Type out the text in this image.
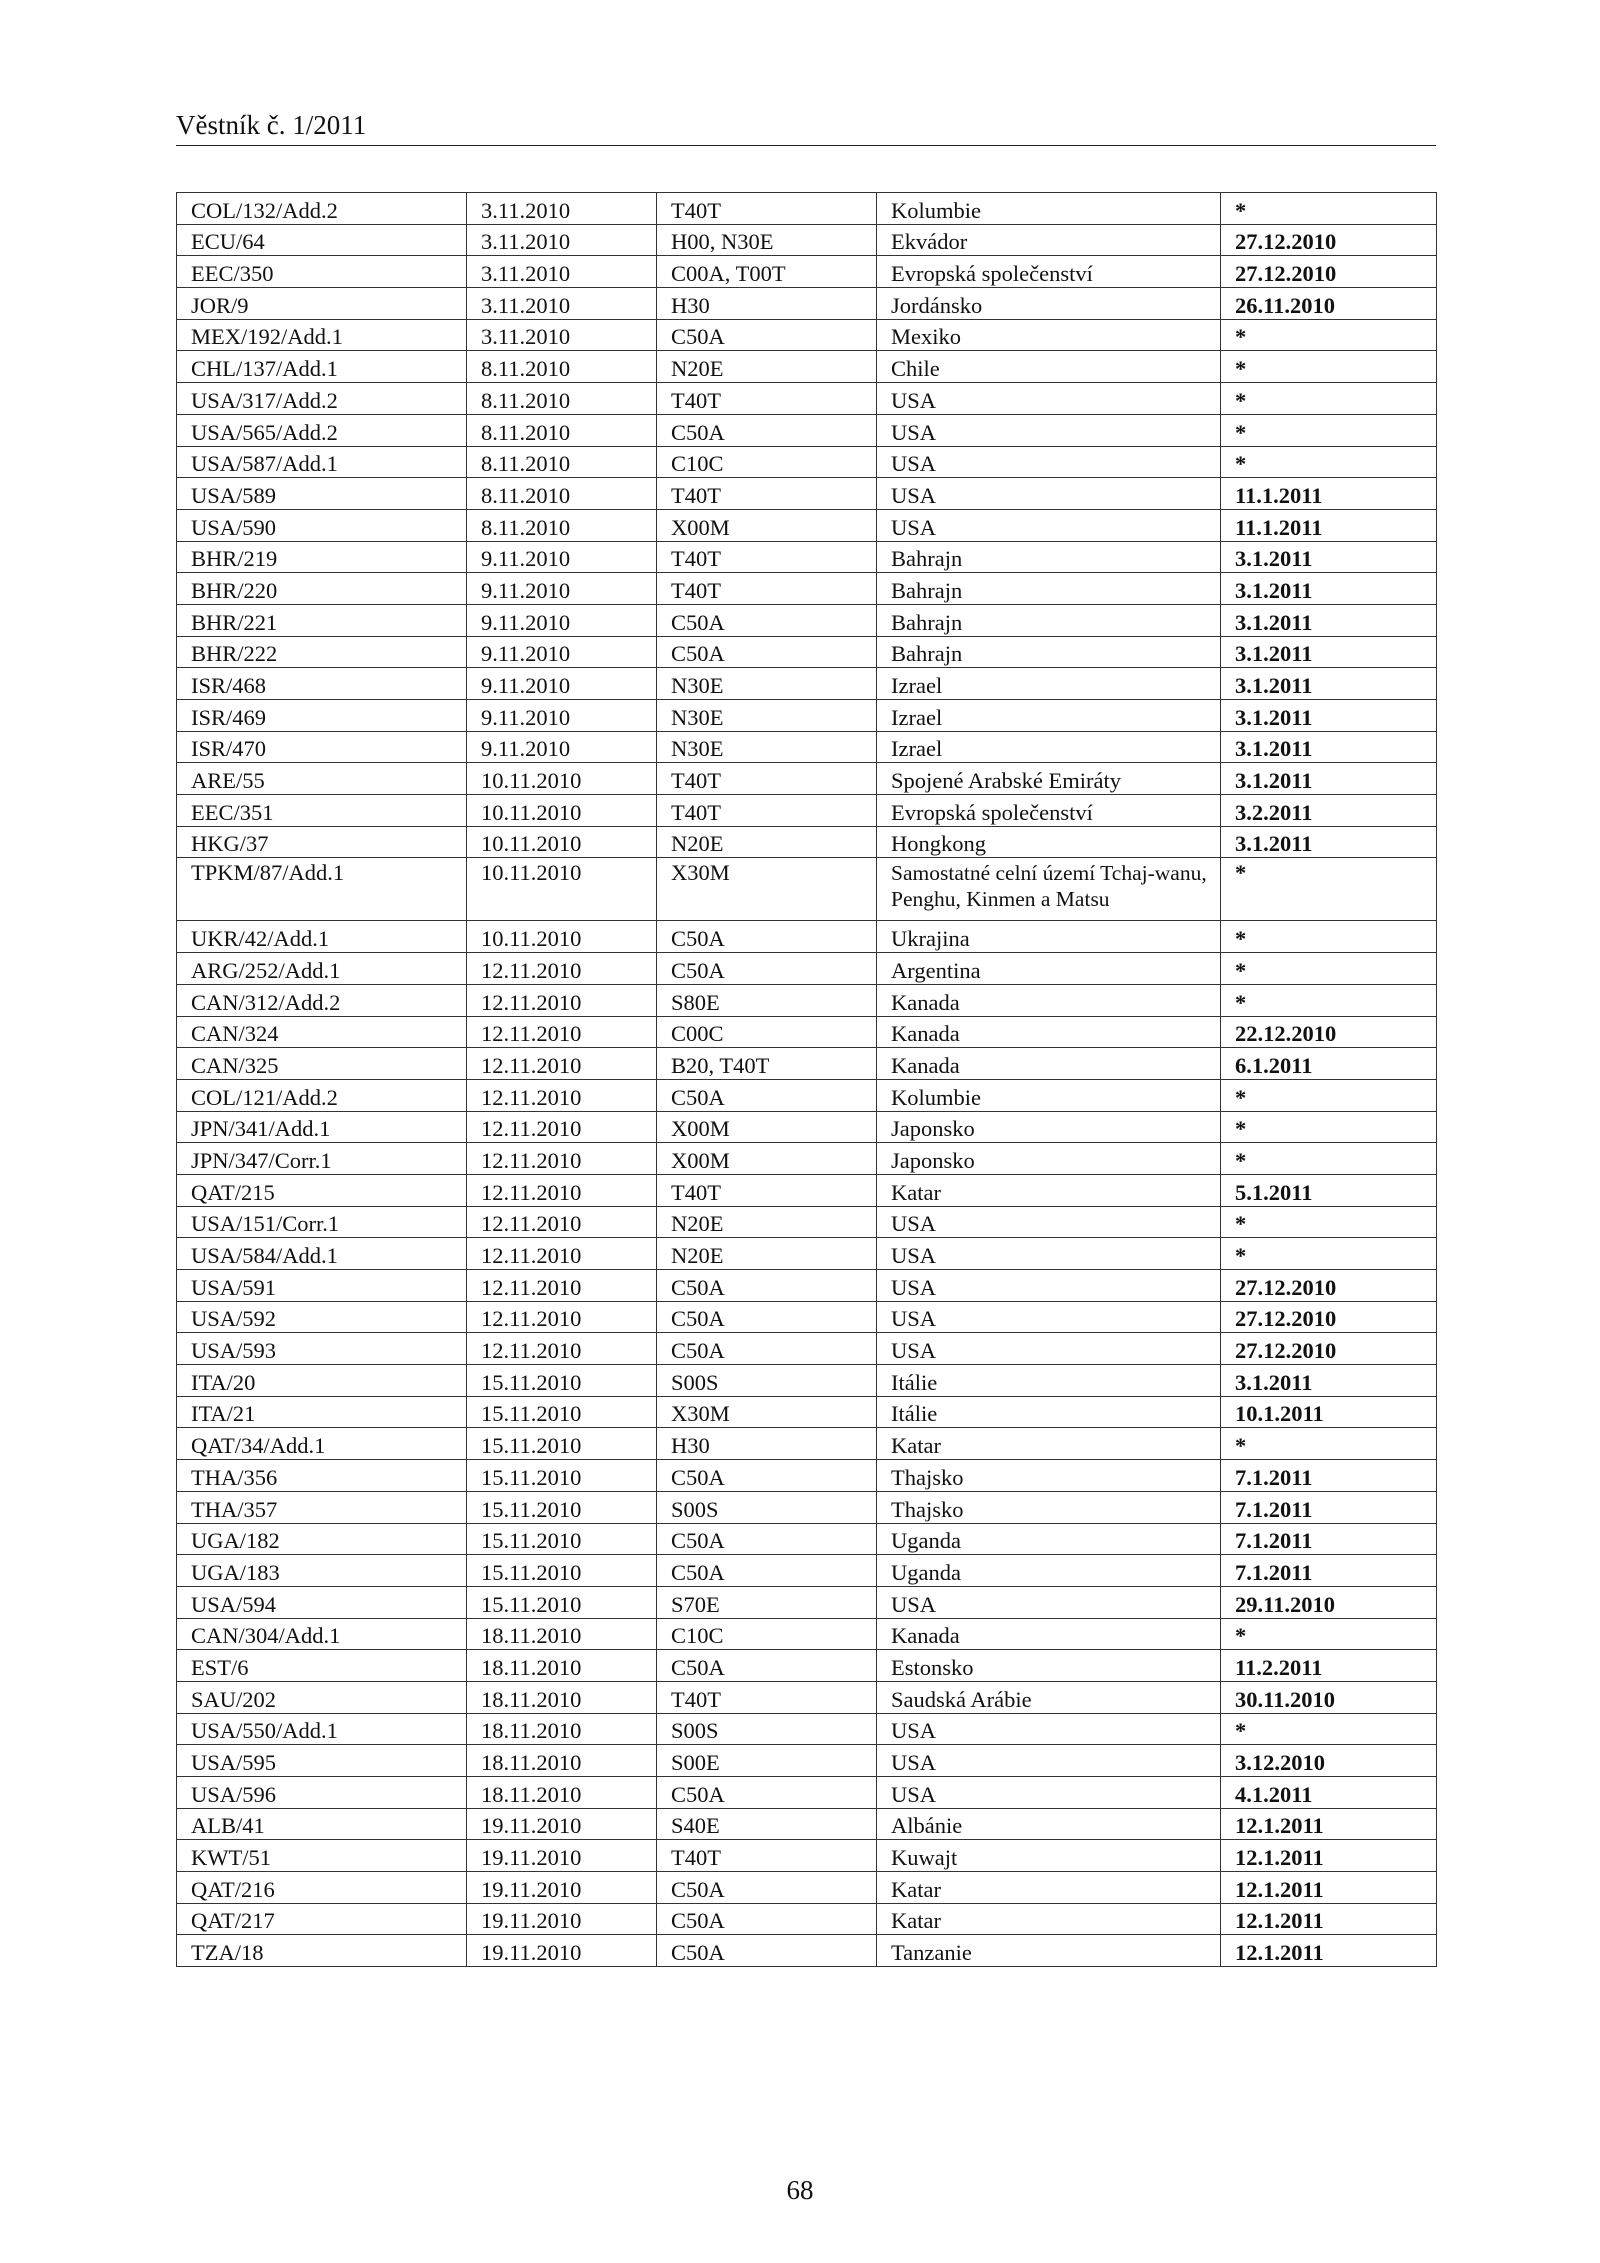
Věstník č. 1/2011
COL/132/Add.2	3.11.2010	T40T	Kolumbie	*
ECU/64	3.11.2010	H00, N30E	Ekvádor	27.12.2010
EEC/350	3.11.2010	C00A, T00T	Evropská společenství	27.12.2010
JOR/9	3.11.2010	H30	Jordánsko	26.11.2010
MEX/192/Add.1	3.11.2010	C50A	Mexiko	*
CHL/137/Add.1	8.11.2010	N20E	Chile	*
USA/317/Add.2	8.11.2010	T40T	USA	*
USA/565/Add.2	8.11.2010	C50A	USA	*
USA/587/Add.1	8.11.2010	C10C	USA	*
USA/589	8.11.2010	T40T	USA	11.1.2011
USA/590	8.11.2010	X00M	USA	11.1.2011
BHR/219	9.11.2010	T40T	Bahrajn	3.1.2011
BHR/220	9.11.2010	T40T	Bahrajn	3.1.2011
BHR/221	9.11.2010	C50A	Bahrajn	3.1.2011
BHR/222	9.11.2010	C50A	Bahrajn	3.1.2011
ISR/468	9.11.2010	N30E	Izrael	3.1.2011
ISR/469	9.11.2010	N30E	Izrael	3.1.2011
ISR/470	9.11.2010	N30E	Izrael	3.1.2011
ARE/55	10.11.2010	T40T	Spojené Arabské Emiráty	3.1.2011
EEC/351	10.11.2010	T40T	Evropská společenství	3.2.2011
HKG/37	10.11.2010	N20E	Hongkong	3.1.2011
TPKM/87/Add.1	10.11.2010	X30M	Samostatné celní území Tchaj-wanu, Penghu, Kinmen a Matsu	*
UKR/42/Add.1	10.11.2010	C50A	Ukrajina	*
ARG/252/Add.1	12.11.2010	C50A	Argentina	*
CAN/312/Add.2	12.11.2010	S80E	Kanada	*
CAN/324	12.11.2010	C00C	Kanada	22.12.2010
CAN/325	12.11.2010	B20, T40T	Kanada	6.1.2011
COL/121/Add.2	12.11.2010	C50A	Kolumbie	*
JPN/341/Add.1	12.11.2010	X00M	Japonsko	*
JPN/347/Corr.1	12.11.2010	X00M	Japonsko	*
QAT/215	12.11.2010	T40T	Katar	5.1.2011
USA/151/Corr.1	12.11.2010	N20E	USA	*
USA/584/Add.1	12.11.2010	N20E	USA	*
USA/591	12.11.2010	C50A	USA	27.12.2010
USA/592	12.11.2010	C50A	USA	27.12.2010
USA/593	12.11.2010	C50A	USA	27.12.2010
ITA/20	15.11.2010	S00S	Itálie	3.1.2011
ITA/21	15.11.2010	X30M	Itálie	10.1.2011
QAT/34/Add.1	15.11.2010	H30	Katar	*
THA/356	15.11.2010	C50A	Thajsko	7.1.2011
THA/357	15.11.2010	S00S	Thajsko	7.1.2011
UGA/182	15.11.2010	C50A	Uganda	7.1.2011
UGA/183	15.11.2010	C50A	Uganda	7.1.2011
USA/594	15.11.2010	S70E	USA	29.11.2010
CAN/304/Add.1	18.11.2010	C10C	Kanada	*
EST/6	18.11.2010	C50A	Estonsko	11.2.2011
SAU/202	18.11.2010	T40T	Saudská Arábie	30.11.2010
USA/550/Add.1	18.11.2010	S00S	USA	*
USA/595	18.11.2010	S00E	USA	3.12.2010
USA/596	18.11.2010	C50A	USA	4.1.2011
ALB/41	19.11.2010	S40E	Albánie	12.1.2011
KWT/51	19.11.2010	T40T	Kuwajt	12.1.2011
QAT/216	19.11.2010	C50A	Katar	12.1.2011
QAT/217	19.11.2010	C50A	Katar	12.1.2011
TZA/18	19.11.2010	C50A	Tanzanie	12.1.2011
68
